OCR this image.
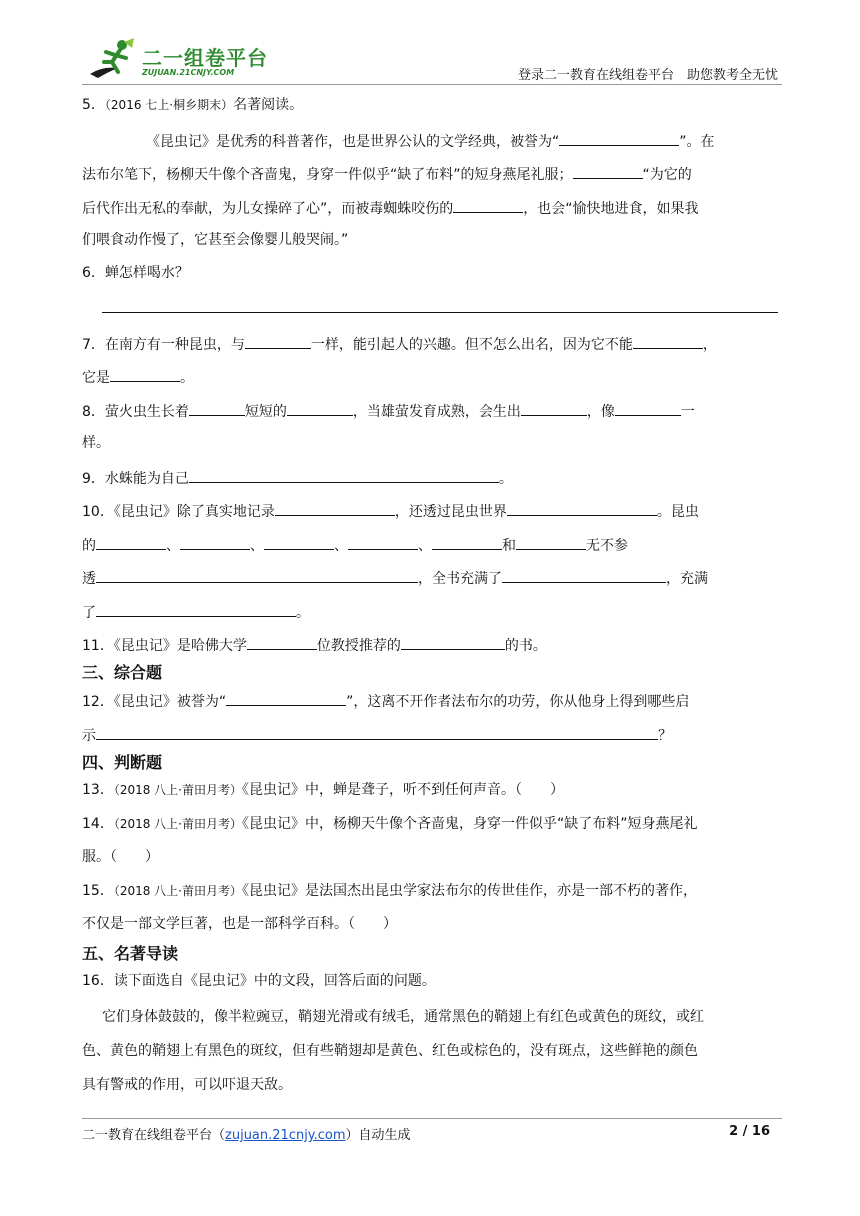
二一组卷平台
ZUJUAN.21CNJY.COM	登录二一教育在线组卷平台　助您教考全无忧
5．（2016 七上·桐乡期末）名著阅读。
《昆虫记》是优秀的科普著作，也是世界公认的文学经典，被誉为“	”。在
法布尔笔下，杨柳天牛像个吝啬鬼，身穿一件似乎“缺了布料”的短身燕尾礼服；	“为它的
后代作出无私的奉献，为儿女操碎了心”，而被毒蜘蛛咬伤的	，也会“愉快地进食，如果我
们喂食动作慢了，它甚至会像婴儿般哭闹。”
6．蝉怎样喝水？
7．在南方有一种昆虫，与	一样，能引起人的兴趣。但不怎么出名，因为它不能	，
它是	。
8．萤火虫生长着	短短的	，当雄萤发育成熟，会生出	，像	一
样。
9．水蛛能为自己	。
10．《昆虫记》除了真实地记录	，还透过昆虫世界	。昆虫
的	、	、	、	、	和	无不参
透	，全书充满了	，充满
了	。
11．《昆虫记》是哈佛大学	位教授推荐的	的书。
三、综合题
12．《昆虫记》被誉为“	”，这离不开作者法布尔的功劳，你从他身上得到哪些启
示	？
四、判断题
13．（2018 八上·莆田月考）《昆虫记》中，蝉是聋子，听不到任何声音。（　　）
14．（2018 八上·莆田月考）《昆虫记》中，杨柳天牛像个吝啬鬼，身穿一件似乎“缺了布料”短身燕尾礼
服。（　　）
15．（2018 八上·莆田月考）《昆虫记》是法国杰出昆虫学家法布尔的传世佳作，亦是一部不朽的著作，
不仅是一部文学巨著，也是一部科学百科。（　　）
五、名著导读
16．读下面选自《昆虫记》中的文段，回答后面的问题。
它们身体鼓鼓的，像半粒豌豆，鞘翅光滑或有绒毛，通常黑色的鞘翅上有红色或黄色的斑纹，或红
色、黄色的鞘翅上有黑色的斑纹，但有些鞘翅却是黄色、红色或棕色的，没有斑点，这些鲜艳的颜色
具有警戒的作用，可以吓退天敌。
二一教育在线组卷平台（zujuan.21cnjy.com）自动生成	2 / 16
